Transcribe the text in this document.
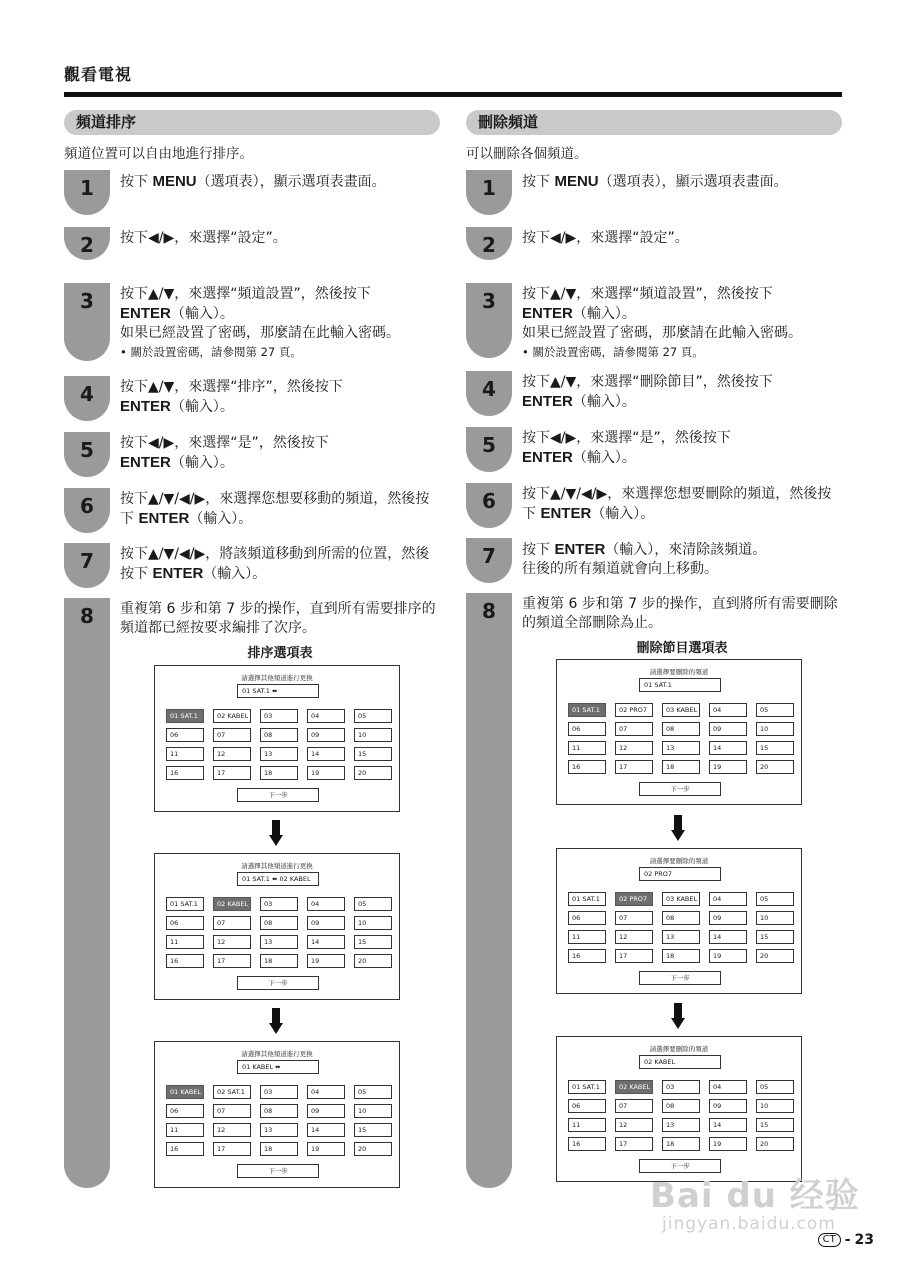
觀看電視
頻道排序
頻道位置可以自由地進行排序。
1	按下 MENU（選項表），顯示選項表畫面。
2	按下◀/▶，來選擇“設定”。
3	按下▲/▼，來選擇“頻道設置”，然後按下
ENTER（輸入）。
如果已經設置了密碼，那麼請在此輸入密碼。
• 關於設置密碼，請參閱第 27 頁。
4	按下▲/▼，來選擇“排序”，然後按下
ENTER（輸入）。
5	按下◀/▶，來選擇“是”，然後按下
ENTER（輸入）。
6	按下▲/▼/◀/▶，來選擇您想要移動的頻道，然後按下 ENTER（輸入）。
7	按下▲/▼/◀/▶，將該頻道移動到所需的位置，然後按下 ENTER（輸入）。
8	重複第 6 步和第 7 步的操作，直到所有需要排序的頻道都已經按要求編排了次序。
排序選項表
請選擇其他頻道進行更換
01 SAT.1 ⬌
01 SAT.1	02 KABEL	03	04	05
06	07	08	09	10
11	12	13	14	15
16	17	18	19	20
下一步
請選擇其他頻道進行更換
01 SAT.1 ⬌ 02 KABEL
01 SAT.1	02 KABEL	03	04	05
06	07	08	09	10
11	12	13	14	15
16	17	18	19	20
下一步
請選擇其他頻道進行更換
01 KABEL ⬌
01 KABEL	02 SAT.1	03	04	05
06	07	08	09	10
11	12	13	14	15
16	17	18	19	20
下一步
刪除頻道
可以刪除各個頻道。
1	按下 MENU（選項表），顯示選項表畫面。
2	按下◀/▶，來選擇“設定”。
3	按下▲/▼，來選擇“頻道設置”，然後按下
ENTER（輸入）。
如果已經設置了密碼，那麼請在此輸入密碼。
• 關於設置密碼，請參閱第 27 頁。
4	按下▲/▼，來選擇“刪除節目”，然後按下
ENTER（輸入）。
5	按下◀/▶，來選擇“是”，然後按下
ENTER（輸入）。
6	按下▲/▼/◀/▶，來選擇您想要刪除的頻道，然後按下 ENTER（輸入）。
7	按下 ENTER（輸入），來清除該頻道。
往後的所有頻道就會向上移動。
8	重複第 6 步和第 7 步的操作，直到將所有需要刪除的頻道全部刪除為止。
刪除節目選項表
請選擇要刪除的頻道
01 SAT.1
01 SAT.1	02 PRO7	03 KABEL	04	05
06	07	08	09	10
11	12	13	14	15
16	17	18	19	20
下一步
請選擇要刪除的頻道
02 PRO7
01 SAT.1	02 PRO7	03 KABEL	04	05
06	07	08	09	10
11	12	13	14	15
16	17	18	19	20
下一步
請選擇要刪除的頻道
02 KABEL
01 SAT.1	02 KABEL	03	04	05
06	07	08	09	10
11	12	13	14	15
16	17	18	19	20
下一步
Bai du 经验
jingyan.baidu.com
CT - 23
